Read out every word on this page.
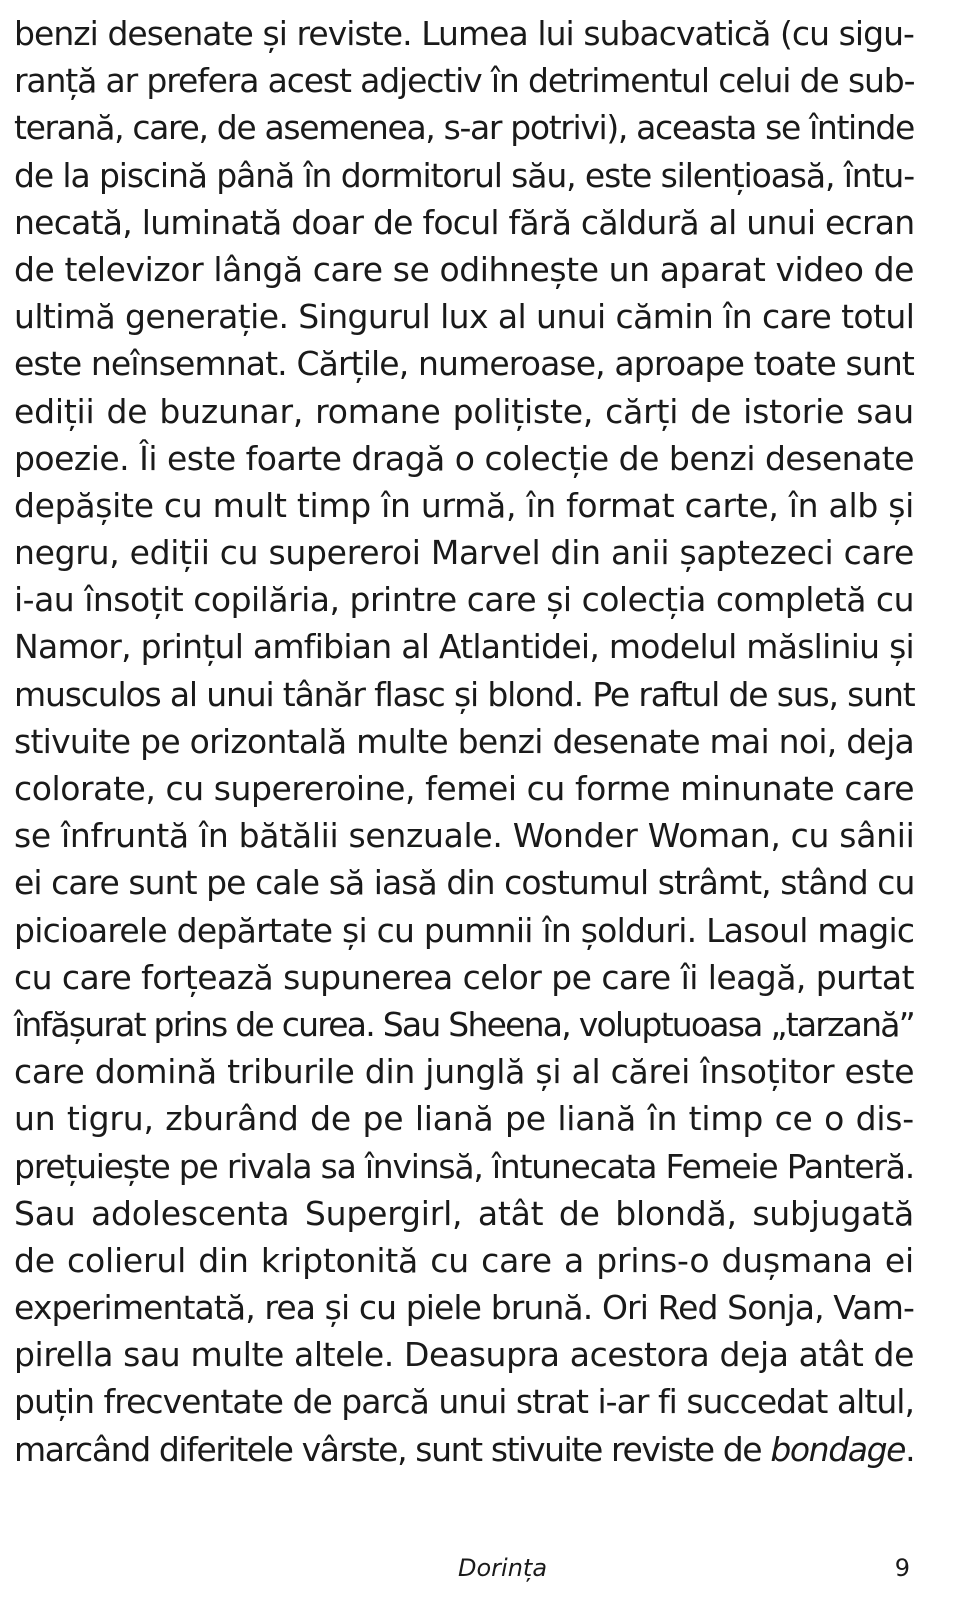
benzi desenate și reviste. Lumea lui subacvatică (cu sigu-
ranță ar prefera acest adjectiv în detrimentul celui de sub-
terană, care, de asemenea, s-ar potrivi), aceasta se întinde
de la piscină până în dormitorul său, este silențioasă, întu-
necată, luminată doar de focul fără căldură al unui ecran
de televizor lângă care se odihnește un aparat video de
ultimă generație. Singurul lux al unui cămin în care totul
este neînsemnat. Cărțile, numeroase, aproape toate sunt
ediții de buzunar, romane polițiste, cărți de istorie sau
poezie. Îi este foarte dragă o colecție de benzi desenate
depășite cu mult timp în urmă, în format carte, în alb și
negru, ediții cu supereroi Marvel din anii șaptezeci care
i-au însoțit copilăria, printre care și colecția completă cu
Namor, prințul amfibian al Atlantidei, modelul măsliniu și
musculos al unui tânăr flasc și blond. Pe raftul de sus, sunt
stivuite pe orizontală multe benzi desenate mai noi, deja
colorate, cu supereroine, femei cu forme minunate care
se înfruntă în bătălii senzuale. Wonder Woman, cu sânii
ei care sunt pe cale să iasă din costumul strâmt, stând cu
picioarele depărtate și cu pumnii în șolduri. Lasoul magic
cu care forțează supunerea celor pe care îi leagă, purtat
înfășurat prins de curea. Sau Sheena, voluptuoasa „tarzană”
care domină triburile din junglă și al cărei însoțitor este
un tigru, zburând de pe liană pe liană în timp ce o dis-
prețuiește pe rivala sa învinsă, întunecata Femeie Panteră.
Sau adolescenta Supergirl, atât de blondă, subjugată
de colierul din kriptonită cu care a prins-o dușmana ei
experimentată, rea și cu piele brună. Ori Red Sonja, Vam-
pirella sau multe altele. Deasupra acestora deja atât de
puțin frecventate de parcă unui strat i-ar fi succedat altul,
marcând diferitele vârste, sunt stivuite reviste de bondage.
Dorința	9
